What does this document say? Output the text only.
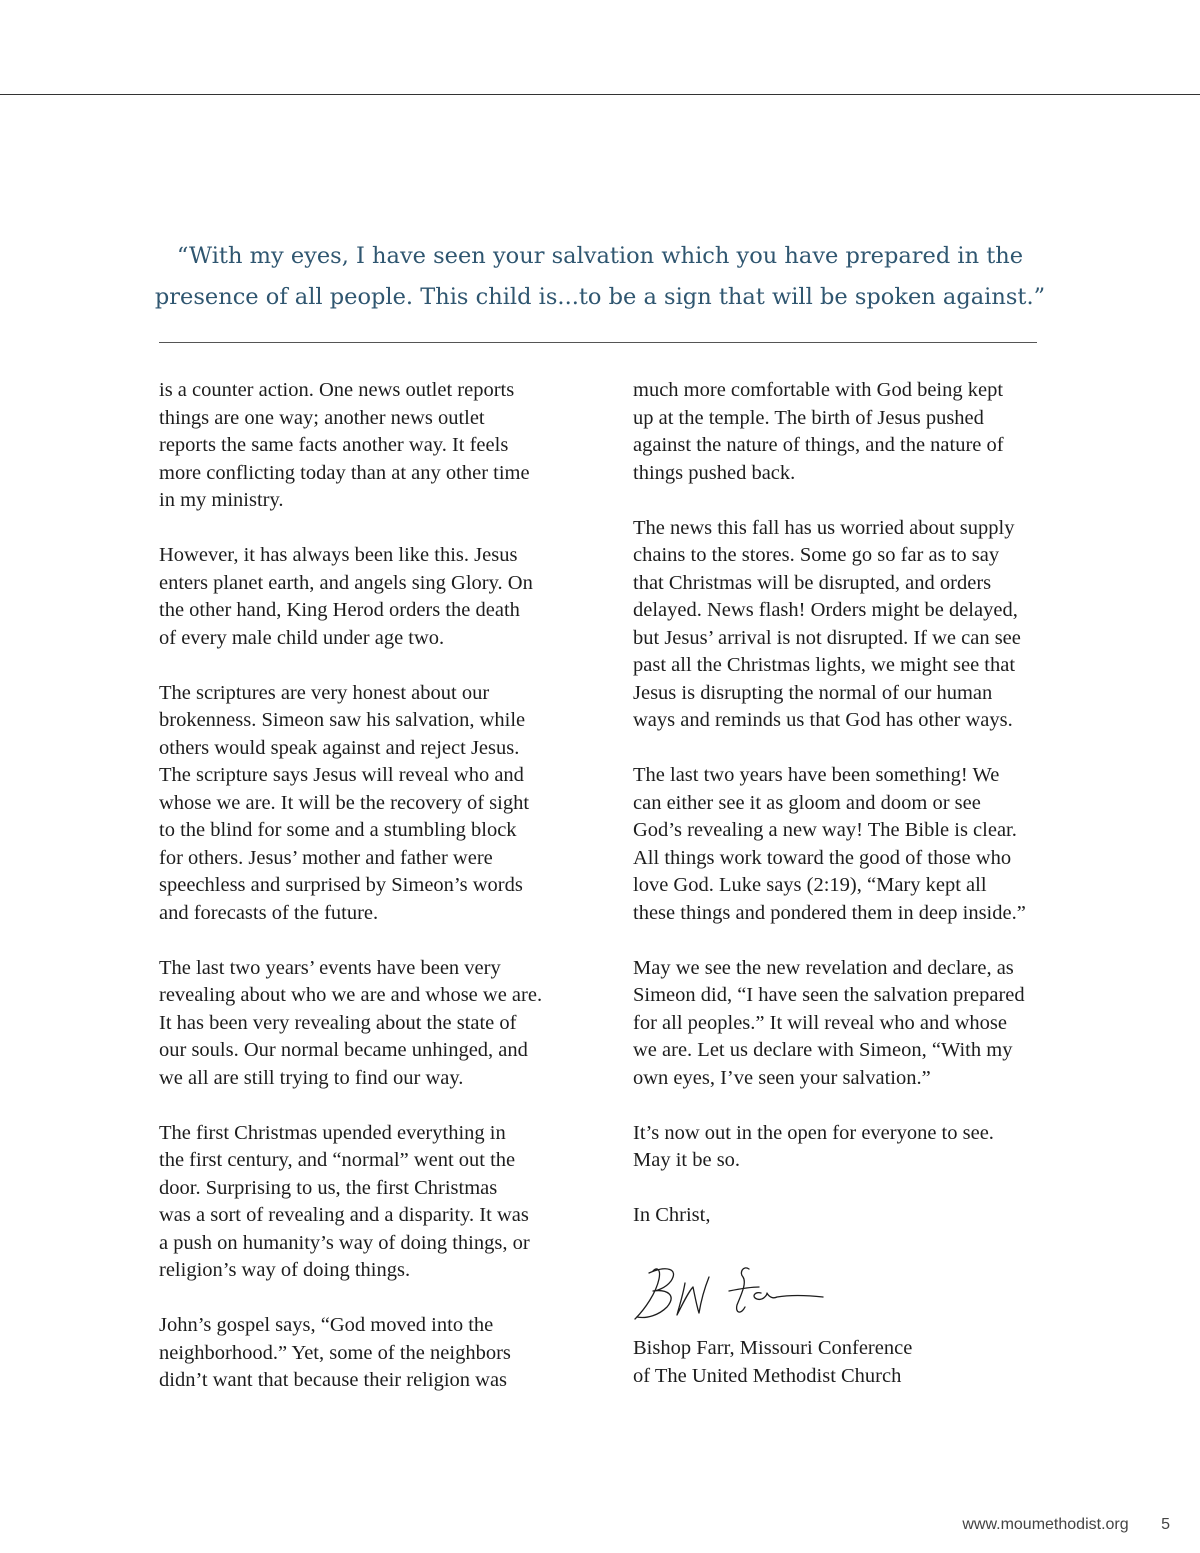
“With my eyes, I have seen your salvation which you have prepared in the
presence of all people. This child is...to be a sign that will be spoken against.”

is a counter action. One news outlet reports
things are one way; another news outlet
reports the same facts another way. It feels
more conflicting today than at any other time
in my ministry.

However, it has always been like this. Jesus
enters planet earth, and angels sing Glory. On
the other hand, King Herod orders the death
of every male child under age two.

The scriptures are very honest about our
brokenness. Simeon saw his salvation, while
others would speak against and reject Jesus.
The scripture says Jesus will reveal who and
whose we are. It will be the recovery of sight
to the blind for some and a stumbling block
for others. Jesus’ mother and father were
speechless and surprised by Simeon’s words
and forecasts of the future.

The last two years’ events have been very
revealing about who we are and whose we are.
It has been very revealing about the state of
our souls. Our normal became unhinged, and
we all are still trying to find our way.

The first Christmas upended everything in
the first century, and “normal” went out the
door. Surprising to us, the first Christmas
was a sort of revealing and a disparity. It was
a push on humanity’s way of doing things, or
religion’s way of doing things.

John’s gospel says, “God moved into the
neighborhood.” Yet, some of the neighbors
didn’t want that because their religion was

much more comfortable with God being kept
up at the temple. The birth of Jesus pushed
against the nature of things, and the nature of
things pushed back.

The news this fall has us worried about supply
chains to the stores. Some go so far as to say
that Christmas will be disrupted, and orders
delayed. News flash! Orders might be delayed,
but Jesus’ arrival is not disrupted. If we can see
past all the Christmas lights, we might see that
Jesus is disrupting the normal of our human
ways and reminds us that God has other ways.

The last two years have been something! We
can either see it as gloom and doom or see
God’s revealing a new way! The Bible is clear.
All things work toward the good of those who
love God. Luke says (2:19), “Mary kept all
these things and pondered them in deep inside.”

May we see the new revelation and declare, as
Simeon did, “I have seen the salvation prepared
for all peoples.” It will reveal who and whose
we are. Let us declare with Simeon, “With my
own eyes, I’ve seen your salvation.”

It’s now out in the open for everyone to see.
May it be so.

In Christ,

Bishop Farr, Missouri Conference
of The United Methodist Church

www.moumethodist.org 5
